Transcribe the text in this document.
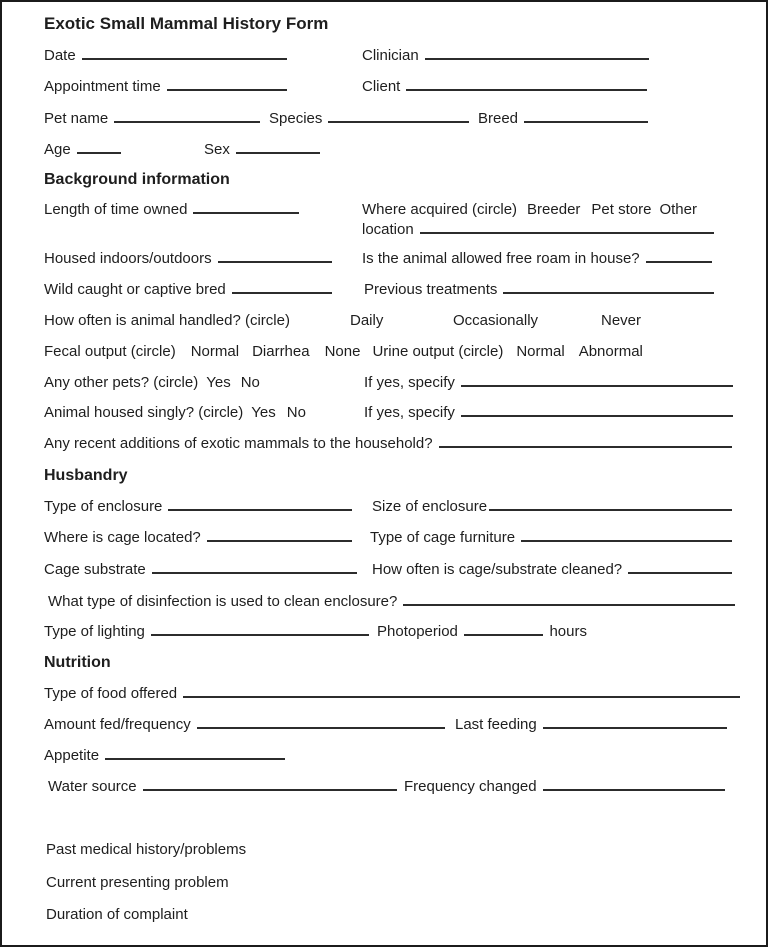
Exotic Small Mammal History Form
Date	Clinician
Appointment time	Client
Pet name	Species	Breed
Age	Sex
Background information
Length of time owned	Where acquired (circle) Breeder Pet store Other
location
Housed indoors/outdoors	Is the animal allowed free roam in house?
Wild caught or captive bred	Previous treatments
How often is animal handled? (circle)	Daily	Occasionally	Never
Fecal output (circle) Normal Diarrhea None Urine output (circle) Normal Abnormal
Any other pets? (circle) Yes No	If yes, specify
Animal housed singly? (circle) Yes No	If yes, specify
Any recent additions of exotic mammals to the household?
Husbandry
Type of enclosure	Size of enclosure
Where is cage located?	Type of cage furniture
Cage substrate	How often is cage/substrate cleaned?
What type of disinfection is used to clean enclosure?
Type of lighting	Photoperiod	hours
Nutrition
Type of food offered
Amount fed/frequency	Last feeding
Appetite
Water source	Frequency changed
Past medical history/problems
Current presenting problem
Duration of complaint
